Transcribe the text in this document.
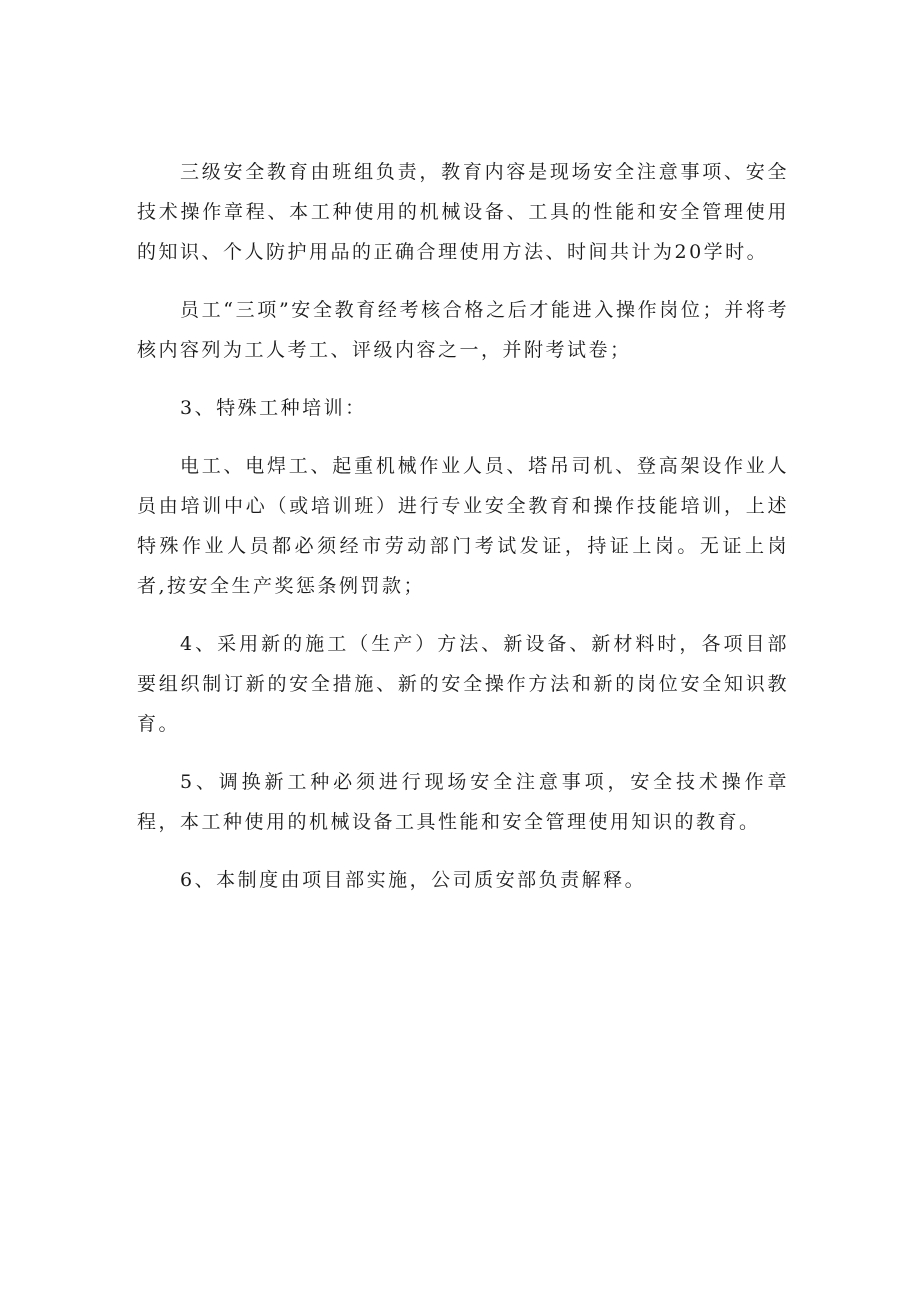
三级安全教育由班组负责，教育内容是现场安全注意事项、安全技术操作章程、本工种使用的机械设备、工具的性能和安全管理使用的知识、个人防护用品的正确合理使用方法、时间共计为20学时。

员工“三项”安全教育经考核合格之后才能进入操作岗位；并将考核内容列为工人考工、评级内容之一，并附考试卷；

3、特殊工种培训：

电工、电焊工、起重机械作业人员、塔吊司机、登高架设作业人员由培训中心（或培训班）进行专业安全教育和操作技能培训，上述特殊作业人员都必须经市劳动部门考试发证，持证上岗。无证上岗者,按安全生产奖惩条例罚款；

4、采用新的施工（生产）方法、新设备、新材料时，各项目部要组织制订新的安全措施、新的安全操作方法和新的岗位安全知识教育。

5、调换新工种必须进行现场安全注意事项，安全技术操作章程，本工种使用的机械设备工具性能和安全管理使用知识的教育。

6、本制度由项目部实施，公司质安部负责解释。
